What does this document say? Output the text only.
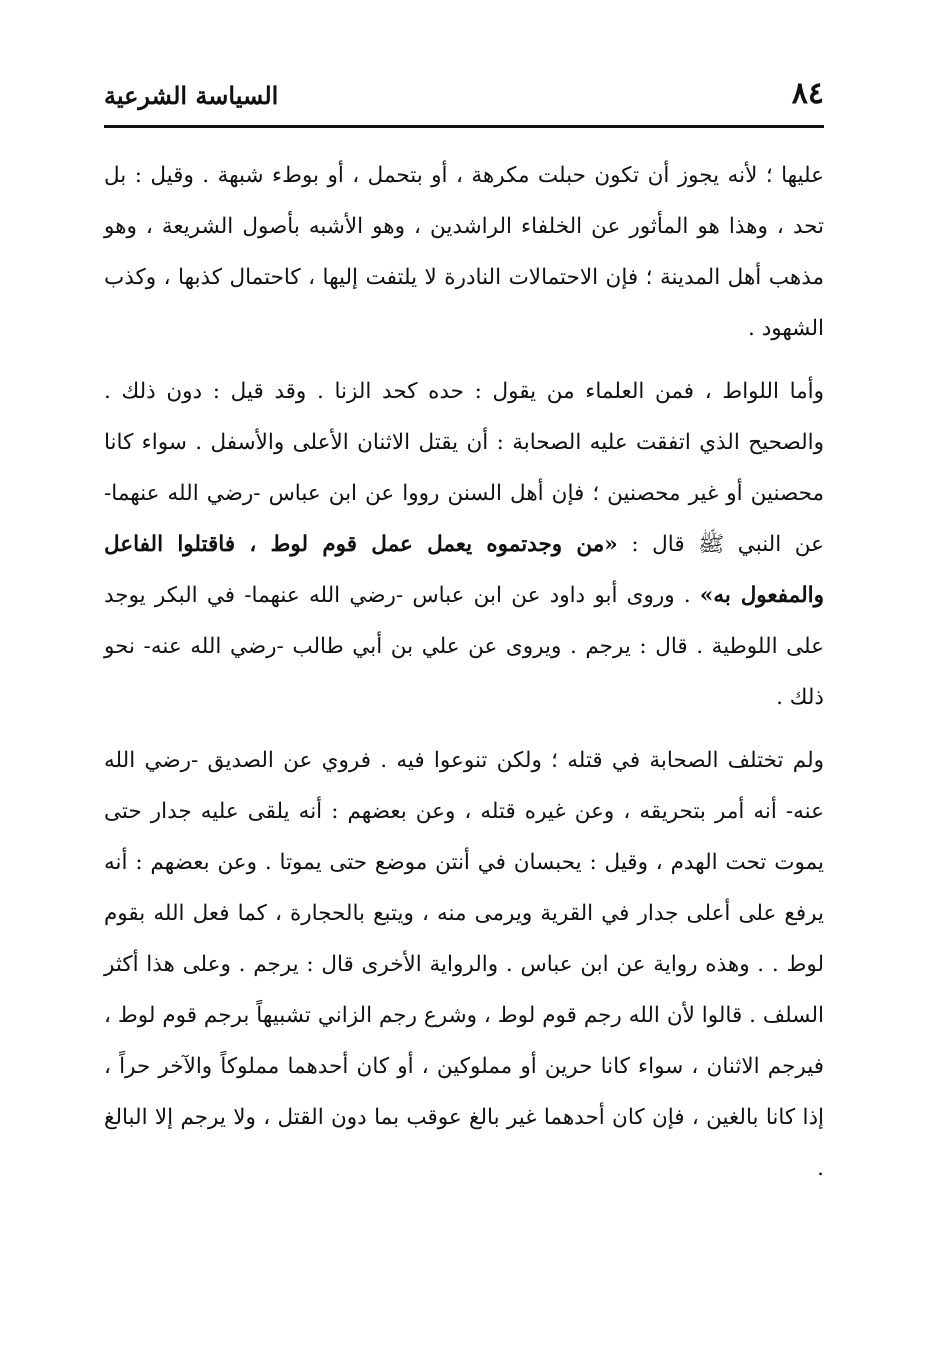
٨٤
السياسة الشرعية

عليها ؛ لأنه يجوز أن تكون حبلت مكرهة ، أو بتحمل ، أو بوطء شبهة . وقيل : بل تحد ، وهذا هو المأثور عن الخلفاء الراشدين ، وهو الأشبه بأصول الشريعة ، وهو مذهب أهل المدينة ؛ فإن الاحتمالات النادرة لا يلتفت إليها ، كاحتمال كذبها ، وكذب الشهود .

وأما اللواط ، فمن العلماء من يقول : حده كحد الزنا . وقد قيل : دون ذلك . والصحيح الذي اتفقت عليه الصحابة : أن يقتل الاثنان الأعلى والأسفل . سواء كانا محصنين أو غير محصنين ؛ فإن أهل السنن رووا عن ابن عباس -رضي الله عنهما- عن النبي ﷺ قال : «من وجدتموه يعمل عمل قوم لوط ، فاقتلوا الفاعل والمفعول به» . وروى أبو داود عن ابن عباس -رضي الله عنهما- في البكر يوجد على اللوطية . قال : يرجم . ويروى عن علي بن أبي طالب -رضي الله عنه- نحو ذلك .

ولم تختلف الصحابة في قتله ؛ ولكن تنوعوا فيه . فروي عن الصديق -رضي الله عنه- أنه أمر بتحريقه ، وعن غيره قتله ، وعن بعضهم : أنه يلقى عليه جدار حتى يموت تحت الهدم ، وقيل : يحبسان في أنتن موضع حتى يموتا . وعن بعضهم : أنه يرفع على أعلى جدار في القرية ويرمى منه ، ويتبع بالحجارة ، كما فعل الله بقوم لوط . . وهذه رواية عن ابن عباس . والرواية الأخرى قال : يرجم . وعلى هذا أكثر السلف . قالوا لأن الله رجم قوم لوط ، وشرع رجم الزاني تشبيهاً برجم قوم لوط ، فيرجم الاثنان ، سواء كانا حرين أو مملوكين ، أو كان أحدهما مملوكاً والآخر حراً ، إذا كانا بالغين ، فإن كان أحدهما غير بالغ عوقب بما دون القتل ، ولا يرجم إلا البالغ .
